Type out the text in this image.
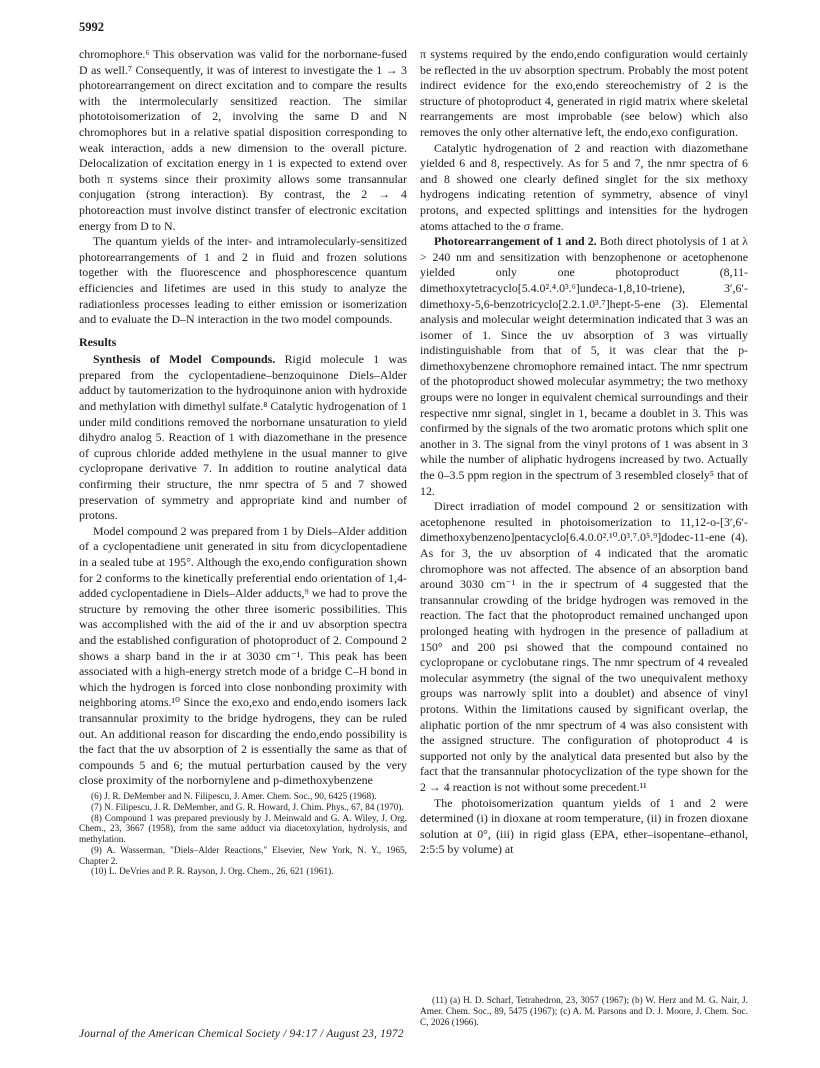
5992

chromophore.⁶ This observation was valid for the norbornane-fused D as well.⁷ Consequently, it was of interest to investigate the 1 → 3 photorearrangement on direct excitation and to compare the results with the intermolecularly sensitized reaction. The similar phototoisomerization of 2, involving the same D and N chromophores but in a relative spatial disposition corresponding to weak interaction, adds a new dimension to the overall picture. Delocalization of excitation energy in 1 is expected to extend over both π systems since their proximity allows some transannular conjugation (strong interaction). By contrast, the 2 → 4 photoreaction must involve distinct transfer of electronic excitation energy from D to N.

The quantum yields of the inter- and intramolecularly-sensitized photorearrangements of 1 and 2 in fluid and frozen solutions together with the fluorescence and phosphorescence quantum efficiencies and lifetimes are used in this study to analyze the radiationless processes leading to either emission or isomerization and to evaluate the D–N interaction in the two model compounds.

Results

Synthesis of Model Compounds. Rigid molecule 1 was prepared from the cyclopentadiene–benzoquinone Diels–Alder adduct by tautomerization to the hydroquinone anion with hydroxide and methylation with dimethyl sulfate.⁸ Catalytic hydrogenation of 1 under mild conditions removed the norbornane unsaturation to yield dihydro analog 5. Reaction of 1 with diazomethane in the presence of cuprous chloride added methylene in the usual manner to give cyclopropane derivative 7. In addition to routine analytical data confirming their structure, the nmr spectra of 5 and 7 showed preservation of symmetry and appropriate kind and number of protons.

Model compound 2 was prepared from 1 by Diels–Alder addition of a cyclopentadiene unit generated in situ from dicyclopentadiene in a sealed tube at 195°. Although the exo,endo configuration shown for 2 conforms to the kinetically preferential endo orientation of 1,4-added cyclopentadiene in Diels–Alder adducts,⁹ we had to prove the structure by removing the other three isomeric possibilities. This was accomplished with the aid of the ir and uv absorption spectra and the established configuration of photoproduct of 2. Compound 2 shows a sharp band in the ir at 3030 cm⁻¹. This peak has been associated with a high-energy stretch mode of a bridge C–H bond in which the hydrogen is forced into close nonbonding proximity with neighboring atoms.¹⁰ Since the exo,exo and endo,endo isomers lack transannular proximity to the bridge hydrogens, they can be ruled out. An additional reason for discarding the endo,endo possibility is the fact that the uv absorption of 2 is essentially the same as that of compounds 5 and 6; the mutual perturbation caused by the very close proximity of the norbornylene and p-dimethoxybenzene

(6) J. R. DeMember and N. Filipescu, J. Amer. Chem. Soc., 90, 6425 (1968).

(7) N. Filipescu, J. R. DeMember, and G. R. Howard, J. Chim. Phys., 67, 84 (1970).

(8) Compound 1 was prepared previously by J. Meinwald and G. A. Wiley, J. Org. Chem., 23, 3667 (1958), from the same adduct via diacetoxylation, hydrolysis, and methylation.

(9) A. Wasserman, "Diels–Alder Reactions," Elsevier, New York, N. Y., 1965, Chapter 2.

(10) L. DeVries and P. R. Rayson, J. Org. Chem., 26, 621 (1961).

π systems required by the endo,endo configuration would certainly be reflected in the uv absorption spectrum. Probably the most potent indirect evidence for the exo,endo stereochemistry of 2 is the structure of photoproduct 4, generated in rigid matrix where skeletal rearrangements are most improbable (see below) which also removes the only other alternative left, the endo,exo configuration.

Catalytic hydrogenation of 2 and reaction with diazomethane yielded 6 and 8, respectively. As for 5 and 7, the nmr spectra of 6 and 8 showed one clearly defined singlet for the six methoxy hydrogens indicating retention of symmetry, absence of vinyl protons, and expected splittings and intensities for the hydrogen atoms attached to the σ frame.

Photorearrangement of 1 and 2. Both direct photolysis of 1 at λ > 240 nm and sensitization with benzophenone or acetophenone yielded only one photoproduct (8,11-dimethoxytetracyclo[5.4.0².⁴.0³.⁶]undeca-1,8,10-triene), 3′,6′-dimethoxy-5,6-benzotricyclo[2.2.1.0³.⁷]hept-5-ene (3). Elemental analysis and molecular weight determination indicated that 3 was an isomer of 1. Since the uv absorption of 3 was virtually indistinguishable from that of 5, it was clear that the p-dimethoxybenzene chromophore remained intact. The nmr spectrum of the photoproduct showed molecular asymmetry; the two methoxy groups were no longer in equivalent chemical surroundings and their respective nmr signal, singlet in 1, became a doublet in 3. This was confirmed by the signals of the two aromatic protons which split one another in 3. The signal from the vinyl protons of 1 was absent in 3 while the number of aliphatic hydrogens increased by two. Actually the 0–3.5 ppm region in the spectrum of 3 resembled closely⁵ that of 12.

Direct irradiation of model compound 2 or sensitization with acetophenone resulted in photoisomerization to 11,12-o-[3′,6′-dimethoxybenzeno]pentacyclo[6.4.0.0².¹⁰.0³.⁷.0⁵.⁹]dodec-11-ene (4). As for 3, the uv absorption of 4 indicated that the aromatic chromophore was not affected. The absence of an absorption band around 3030 cm⁻¹ in the ir spectrum of 4 suggested that the transannular crowding of the bridge hydrogen was removed in the reaction. The fact that the photoproduct remained unchanged upon prolonged heating with hydrogen in the presence of palladium at 150° and 200 psi showed that the compound contained no cyclopropane or cyclobutane rings. The nmr spectrum of 4 revealed molecular asymmetry (the signal of the two unequivalent methoxy groups was narrowly split into a doublet) and absence of vinyl protons. Within the limitations caused by significant overlap, the aliphatic portion of the nmr spectrum of 4 was also consistent with the assigned structure. The configuration of photoproduct 4 is supported not only by the analytical data presented but also by the fact that the transannular photocyclization of the type shown for the 2 → 4 reaction is not without some precedent.¹¹

The photoisomerization quantum yields of 1 and 2 were determined (i) in dioxane at room temperature, (ii) in frozen dioxane solution at 0°, (iii) in rigid glass (EPA, ether–isopentane–ethanol, 2:5:5 by volume) at

(11) (a) H. D. Scharf, Tetrahedron, 23, 3057 (1967); (b) W. Herz and M. G. Nair, J. Amer. Chem. Soc., 89, 5475 (1967); (c) A. M. Parsons and D. J. Moore, J. Chem. Soc. C, 2026 (1966).
Journal of the American Chemical Society / 94:17 / August 23, 1972
